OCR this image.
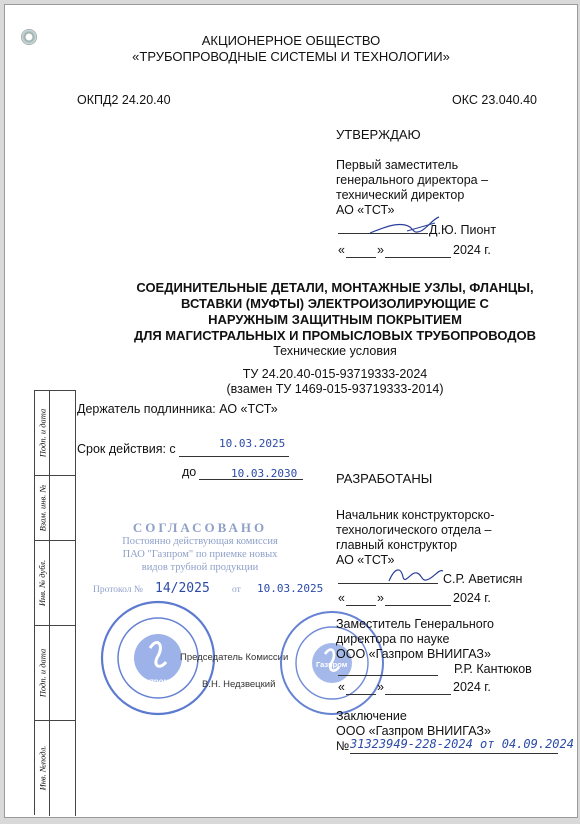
АКЦИОНЕРНОЕ ОБЩЕСТВО
«ТРУБОПРОВОДНЫЕ СИСТЕМЫ И ТЕХНОЛОГИИ»
ОКПД2 24.20.40	ОКС 23.040.40
УТВЕРЖДАЮ
Первый заместитель
генерального директора –
технический директор
АО «ТСТ»
Д.Ю. Пионт
«	»	2024 г.
СОЕДИНИТЕЛЬНЫЕ ДЕТАЛИ, МОНТАЖНЫЕ УЗЛЫ, ФЛАНЦЫ,
ВСТАВКИ (МУФТЫ) ЭЛЕКТРОИЗОЛИРУЮЩИЕ С
НАРУЖНЫМ ЗАЩИТНЫМ ПОКРЫТИЕМ
ДЛЯ МАГИСТРАЛЬНЫХ И ПРОМЫСЛОВЫХ ТРУБОПРОВОДОВ
Технические условия
ТУ 24.20.40-015-93719333-2024
(взамен ТУ 1469-015-93719333-2014)
Держатель подлинника: АО «ТСТ»
Срок действия: с	10.03.2025
до	10.03.2030	РАЗРАБОТАНЫ
Начальник конструкторско-
технологического отдела –
главный конструктор
АО «ТСТ»
С.Р. Аветисян
«	»	2024 г.
СОГЛАСОВАНО
Постоянно действующая комиссия
ПАО "Газпром" по приемке новых
видов трубной продукции
Протокол № 14/2025 от 10.03.2025
Газпром
Председатель Комиссии
В.Н. Недзвецкий
Газпром
Заместитель Генерального
директора по науке
ООО «Газпром ВНИИГАЗ»
Р.Р. Кантюков
«	»	2024 г.
Заключение
ООО «Газпром ВНИИГАЗ»
№ 31323949-228-2024 от 04.09.2024
Подп. и дата
Взам. инв. №
Инв. № дубл.
Подп. и дата
Инв. №подл.
